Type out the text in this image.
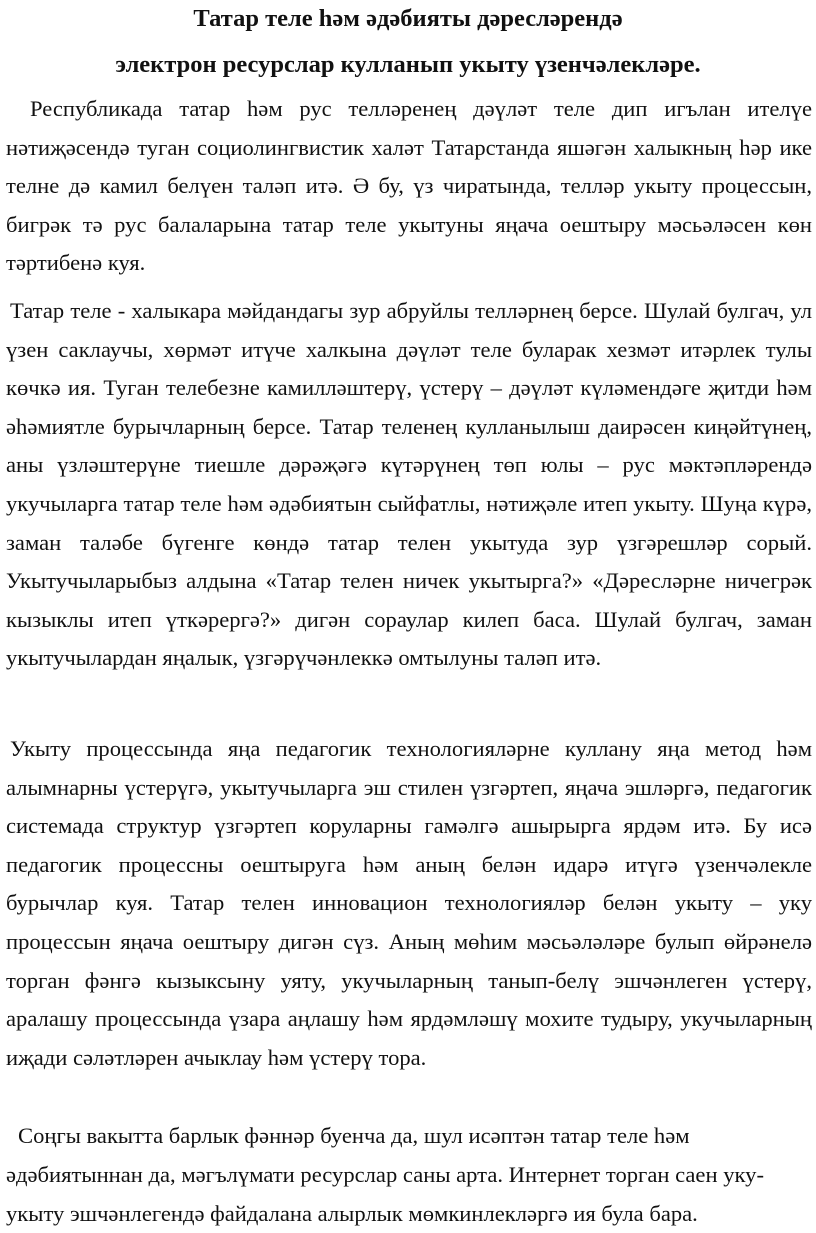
Татар теле һәм әдәбияты дәресләрендә
электрон ресурслар кулланып укыту үзенчәлекләре.

Республикада татар һәм рус телләренең дәүләт теле дип игълан ителүе нәтиҗәсендә туган социолингвистик халәт Татарстанда яшәгән халыкның һәр ике телне дә камил белүен таләп итә. Ә бу, үз чиратында, телләр укыту процессын, бигрәк тә рус балаларына татар теле укытуны яңача оештыру мәсьәләсен көн тәртибенә куя.

Татар теле - халыкара мәйдандагы зур абруйлы телләрнең берсе. Шулай булгач, ул үзен саклаучы, хөрмәт итүче халкына дәүләт теле буларак хезмәт итәрлек тулы көчкә ия. Туган телебезне камилләштерү, үстерү – дәүләт күләмендәге җитди һәм әһәмиятле бурычларның берсе. Татар теленең кулланылыш даирәсен киңәйтүнең, аны үзләштерүне тиешле дәрәҗәгә күтәрүнең төп юлы – рус мәктәпләрендә укучыларга татар теле һәм әдәбиятын сыйфатлы, нәтиҗәле итеп укыту. Шуңа күрә, заман таләбе бүгенге көндә татар телен укытуда зур үзгәрешләр сорый. Укытучыларыбыз алдына «Татар телен ничек укытырга?» «Дәресләрне ничегрәк кызыклы итеп үткәрергә?» дигән сораулар килеп баса. Шулай булгач, заман укытучылардан яңалык, үзгәрүчәнлеккә омтылуны таләп итә.

Укыту процессында яңа педагогик технологияләрне куллану яңа метод һәм алымнарны үстерүгә, укытучыларга эш стилен үзгәртеп, яңача эшләргә, педагогик системада структур үзгәртеп коруларны гамәлгә ашырырга ярдәм итә. Бу исә педагогик процессны оештыруга һәм аның белән идарә итүгә үзенчәлекле бурычлар куя. Татар телен инновацион технологияләр белән укыту – уку процессын яңача оештыру дигән сүз. Аның мөһим мәсьәләләре булып өйрәнелә торган фәнгә кызыксыну уяту, укучыларның танып-белү эшчәнлеген үстерү, аралашу процессында үзара аңлашу һәм ярдәмләшү мохите тудыру, укучыларның иҗади сәләтләрен ачыклау һәм үстерү тора.

Соңгы вакытта барлык фәннәр буенча да, шул исәптән татар теле һәм әдәбиятыннан да, мәгълүмати ресурслар саны арта. Интернет торган саен уку-укыту эшчәнлегендә файдалана алырлык мөмкинлекләргә ия була бара.
